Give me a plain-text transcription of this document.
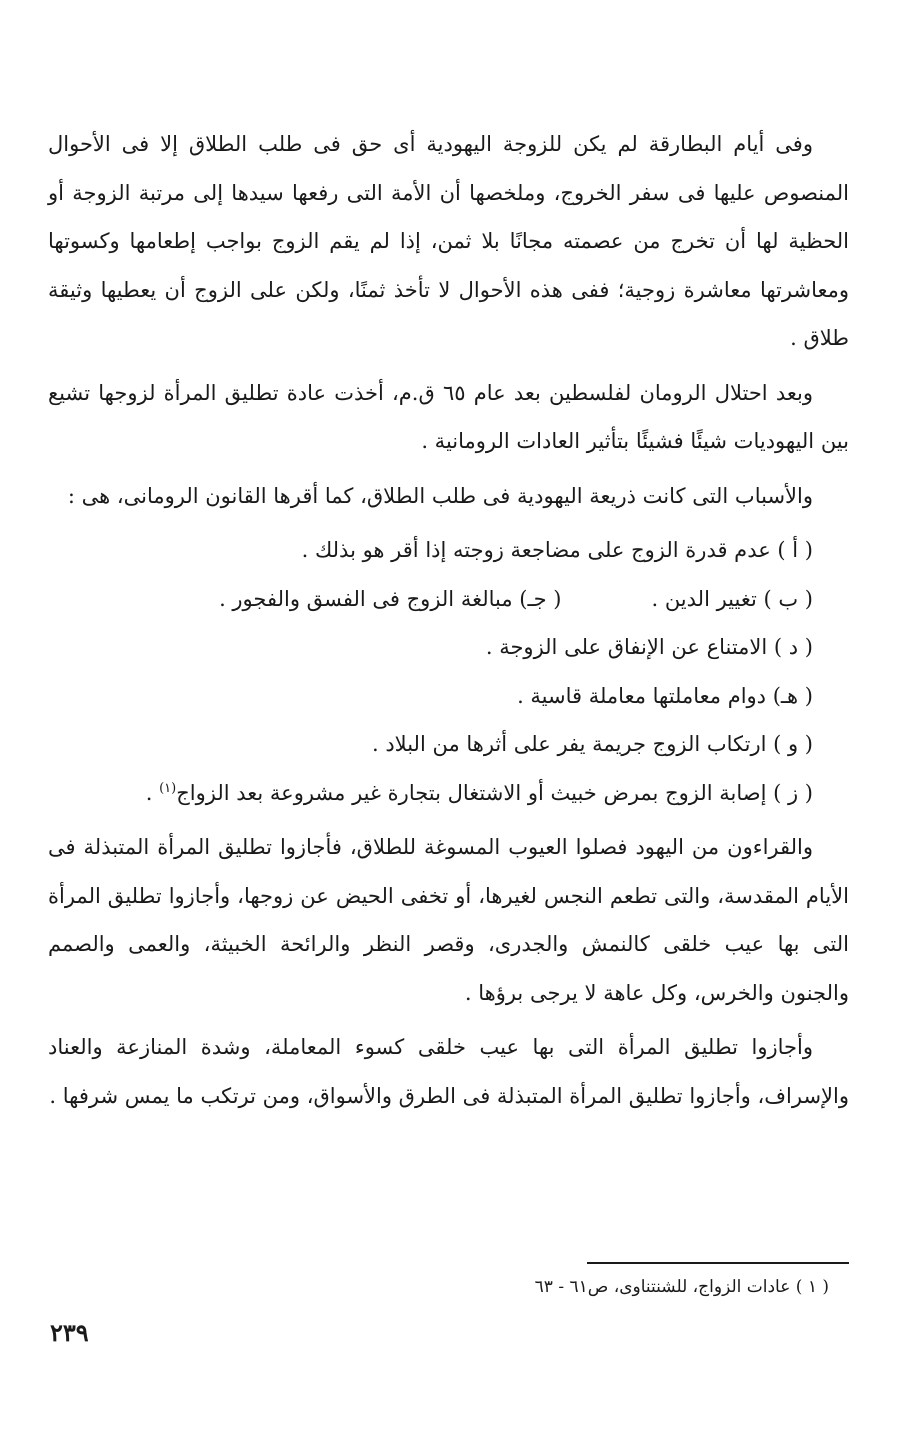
وفى أيام البطارقة لم يكن للزوجة اليهودية أى حق فى طلب الطلاق إلا فى الأحوال المنصوص عليها فى سفر الخروج، وملخصها أن الأمة التى رفعها سيدها إلى مرتبة الزوجة أو الحظية لها أن تخرج من عصمته مجانًا بلا ثمن، إذا لم يقم الزوج بواجب إطعامها وكسوتها ومعاشرتها معاشرة زوجية؛ ففى هذه الأحوال لا تأخذ ثمنًا، ولكن على الزوج أن يعطيها وثيقة طلاق .

وبعد احتلال الرومان لفلسطين بعد عام ٦٥ ق.م، أخذت عادة تطليق المرأة لزوجها تشيع بين اليهوديات شيئًا فشيئًا بتأثير العادات الرومانية .

والأسباب التى كانت ذريعة اليهودية فى طلب الطلاق، كما أقرها القانون الرومانى، هى :

( أ ) عدم قدرة الزوج على مضاجعة زوجته إذا أقر هو بذلك .

( ب ) تغيير الدين .
( جـ) مبالغة الزوج فى الفسق والفجور .

( د ) الامتناع عن الإنفاق على الزوجة .

( هـ) دوام معاملتها معاملة قاسية .

( و ) ارتكاب الزوج جريمة يفر على أثرها من البلاد .

( ز ) إصابة الزوج بمرض خبيث أو الاشتغال بتجارة غير مشروعة بعد الزواج$^{(١)}$ .

والقراءون من اليهود فصلوا العيوب المسوغة للطلاق، فأجازوا تطليق المرأة المتبذلة فى الأيام المقدسة، والتى تطعم النجس لغيرها، أو تخفى الحيض عن زوجها، وأجازوا تطليق المرأة التى بها عيب خلقى كالنمش والجدرى، وقصر النظر والرائحة الخبيثة، والعمى والصمم والجنون والخرس، وكل عاهة لا يرجى برؤها .

وأجازوا تطليق المرأة التى بها عيب خلقى كسوء المعاملة، وشدة المنازعة والعناد والإسراف، وأجازوا تطليق المرأة المتبذلة فى الطرق والأسواق، ومن ترتكب ما يمس شرفها .

( ١ ) عادات الزواج، للشنتناوى، ص٦١ - ٦٣
٢٣٩
